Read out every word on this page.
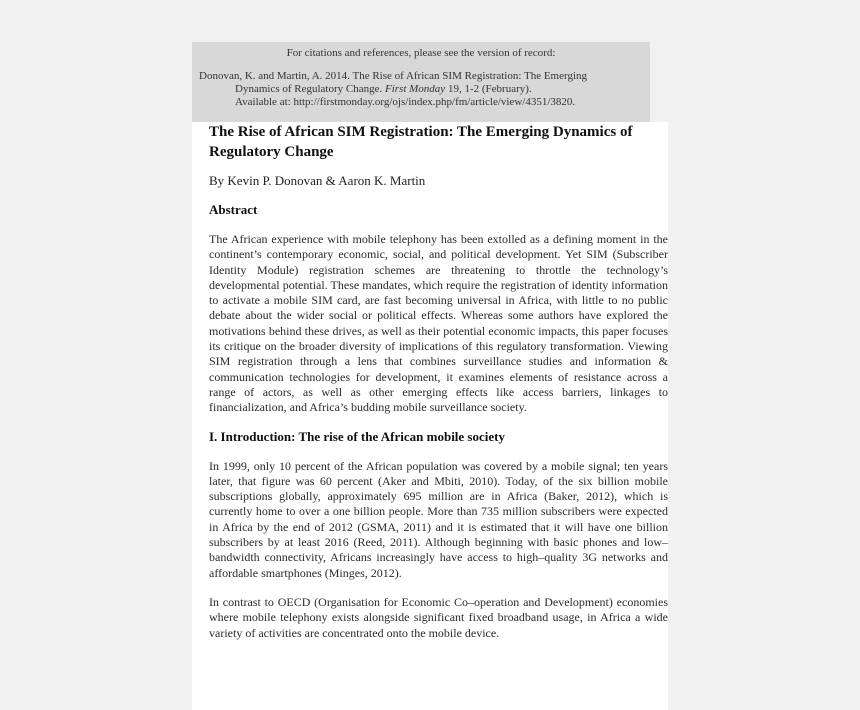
For citations and references, please see the version of record:
Donovan, K. and Martin, A. 2014. The Rise of African SIM Registration: The Emerging
Dynamics of Regulatory Change. First Monday 19, 1-2 (February).
Available at: http://firstmonday.org/ojs/index.php/fm/article/view/4351/3820.
The Rise of African SIM Registration: The Emerging Dynamics of Regulatory Change
By Kevin P. Donovan & Aaron K. Martin
Abstract

The African experience with mobile telephony has been extolled as a defining moment in the continent’s contemporary economic, social, and political development. Yet SIM (Subscriber Identity Module) registration schemes are threatening to throttle the technology’s developmental potential. These mandates, which require the registration of identity information to activate a mobile SIM card, are fast becoming universal in Africa, with little to no public debate about the wider social or political effects. Whereas some authors have explored the motivations behind these drives, as well as their potential economic impacts, this paper focuses its critique on the broader diversity of implications of this regulatory transformation. Viewing SIM registration through a lens that combines surveillance studies and information & communication technologies for development, it examines elements of resistance across a range of actors, as well as other emerging effects like access barriers, linkages to financialization, and Africa’s budding mobile surveillance society.

I. Introduction: The rise of the African mobile society

In 1999, only 10 percent of the African population was covered by a mobile signal; ten years later, that figure was 60 percent (Aker and Mbiti, 2010). Today, of the six billion mobile subscriptions globally, approximately 695 million are in Africa (Baker, 2012), which is currently home to over a one billion people. More than 735 million subscribers were expected in Africa by the end of 2012 (GSMA, 2011) and it is estimated that it will have one billion subscribers by at least 2016 (Reed, 2011). Although beginning with basic phones and low–bandwidth connectivity, Africans increasingly have access to high–quality 3G networks and affordable smartphones (Minges, 2012).

In contrast to OECD (Organisation for Economic Co–operation and Development) economies where mobile telephony exists alongside significant fixed broadband usage, in Africa a wide variety of activities are concentrated onto the mobile device.
